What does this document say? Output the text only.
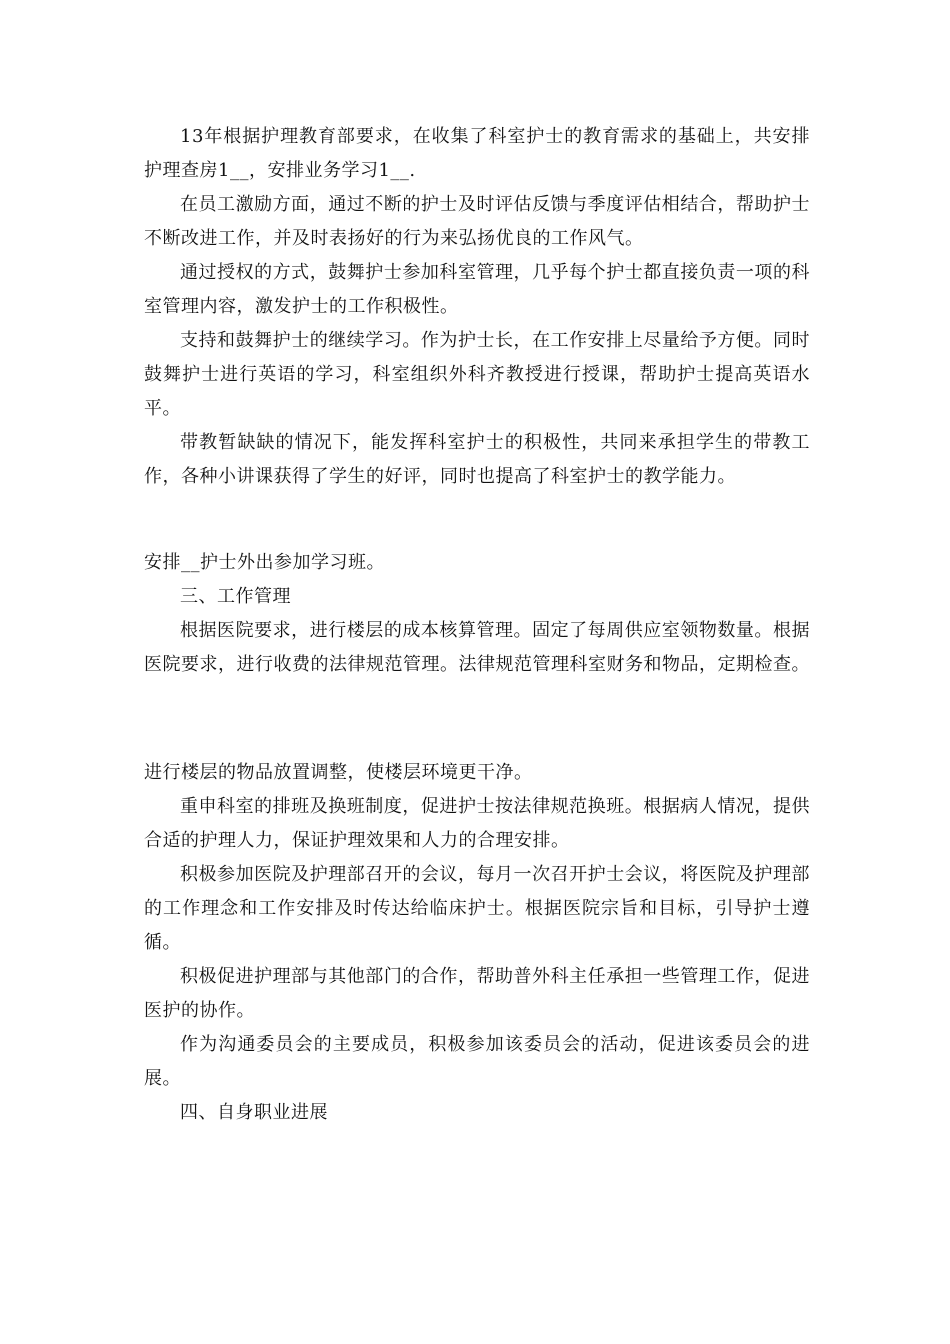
13年根据护理教育部要求，在收集了科室护士的教育需求的基础上，共安排护理查房1__，安排业务学习1__.

在员工激励方面，通过不断的护士及时评估反馈与季度评估相结合，帮助护士不断改进工作，并及时表扬好的行为来弘扬优良的工作风气。

通过授权的方式，鼓舞护士参加科室管理，几乎每个护士都直接负责一项的科室管理内容，激发护士的工作积极性。

支持和鼓舞护士的继续学习。作为护士长，在工作安排上尽量给予方便。同时鼓舞护士进行英语的学习，科室组织外科齐教授进行授课，帮助护士提高英语水平。

带教暂缺缺的情况下，能发挥科室护士的积极性，共同来承担学生的带教工作，各种小讲课获得了学生的好评，同时也提高了科室护士的教学能力。

安排__护士外出参加学习班。

三、工作管理

根据医院要求，进行楼层的成本核算管理。固定了每周供应室领物数量。根据医院要求，进行收费的法律规范管理。法律规范管理科室财务和物品，定期检查。

进行楼层的物品放置调整，使楼层环境更干净。

重申科室的排班及换班制度，促进护士按法律规范换班。根据病人情况，提供合适的护理人力，保证护理效果和人力的合理安排。

积极参加医院及护理部召开的会议，每月一次召开护士会议，将医院及护理部的工作理念和工作安排及时传达给临床护士。根据医院宗旨和目标，引导护士遵循。

积极促进护理部与其他部门的合作，帮助普外科主任承担一些管理工作，促进医护的协作。

作为沟通委员会的主要成员，积极参加该委员会的活动，促进该委员会的进展。

四、自身职业进展
